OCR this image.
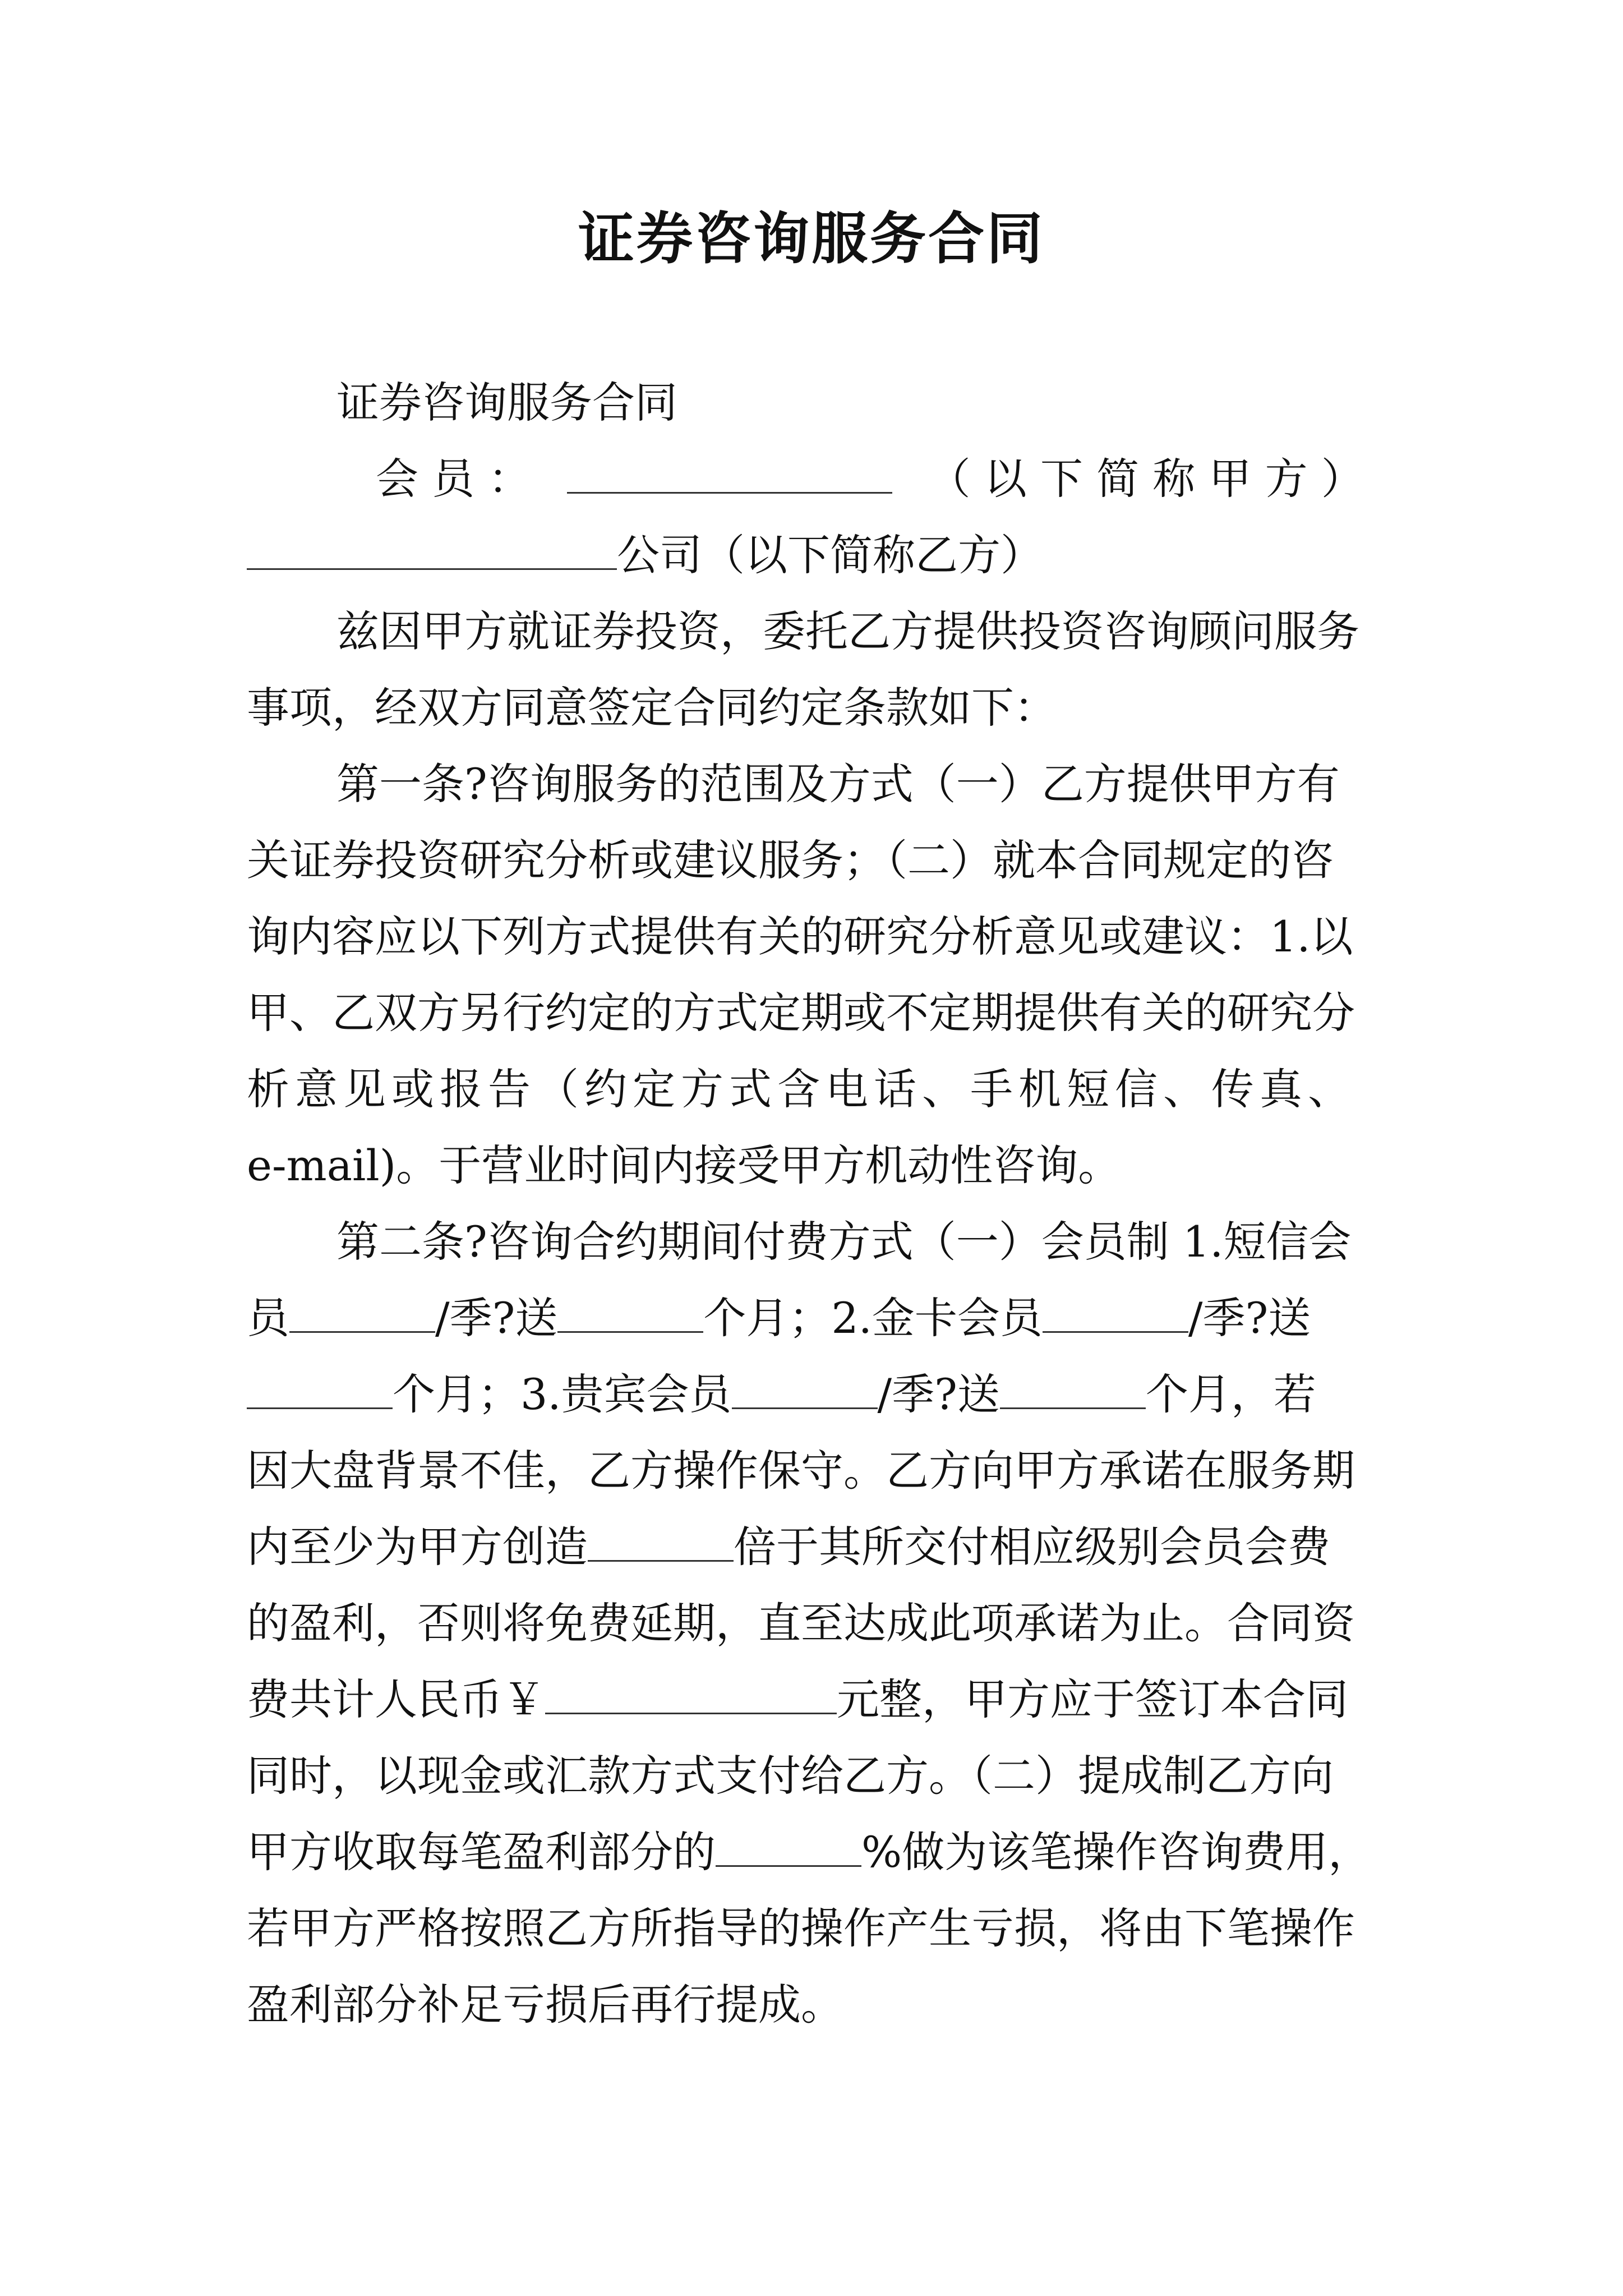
证券咨询服务合同
证券咨询服务合同
会 员 ：	（ 以 下 简 称 甲 方 ）
公司（以下简称乙方）
兹因甲方就证券投资，委托乙方提供投资咨询顾问服务
事项，经双方同意签定合同约定条款如下：
第一条?咨询服务的范围及方式（一）乙方提供甲方有
关证券投资研究分析或建议服务；（二）就本合同规定的咨
询内容应以下列方式提供有关的研究分析意见或建议：1.以
甲、乙双方另行约定的方式定期或不定期提供有关的研究分
析意见或报告（约定方式含电话、手机短信、传真、
e-mail)。于营业时间内接受甲方机动性咨询。
第二条?咨询合约期间付费方式（一）会员制 1.短信会
员	/季?送	个月；2.金卡会员	/季?送
个月；3.贵宾会员	/季?送	个月，若
因大盘背景不佳，乙方操作保守。乙方向甲方承诺在服务期
内至少为甲方创造	倍于其所交付相应级别会员会费
的盈利，否则将免费延期，直至达成此项承诺为止。合同资
费共计人民币￥	元整，甲方应于签订本合同
同时，以现金或汇款方式支付给乙方。（二）提成制乙方向
甲方收取每笔盈利部分的	%做为该笔操作咨询费用，
若甲方严格按照乙方所指导的操作产生亏损，将由下笔操作
盈利部分补足亏损后再行提成。
